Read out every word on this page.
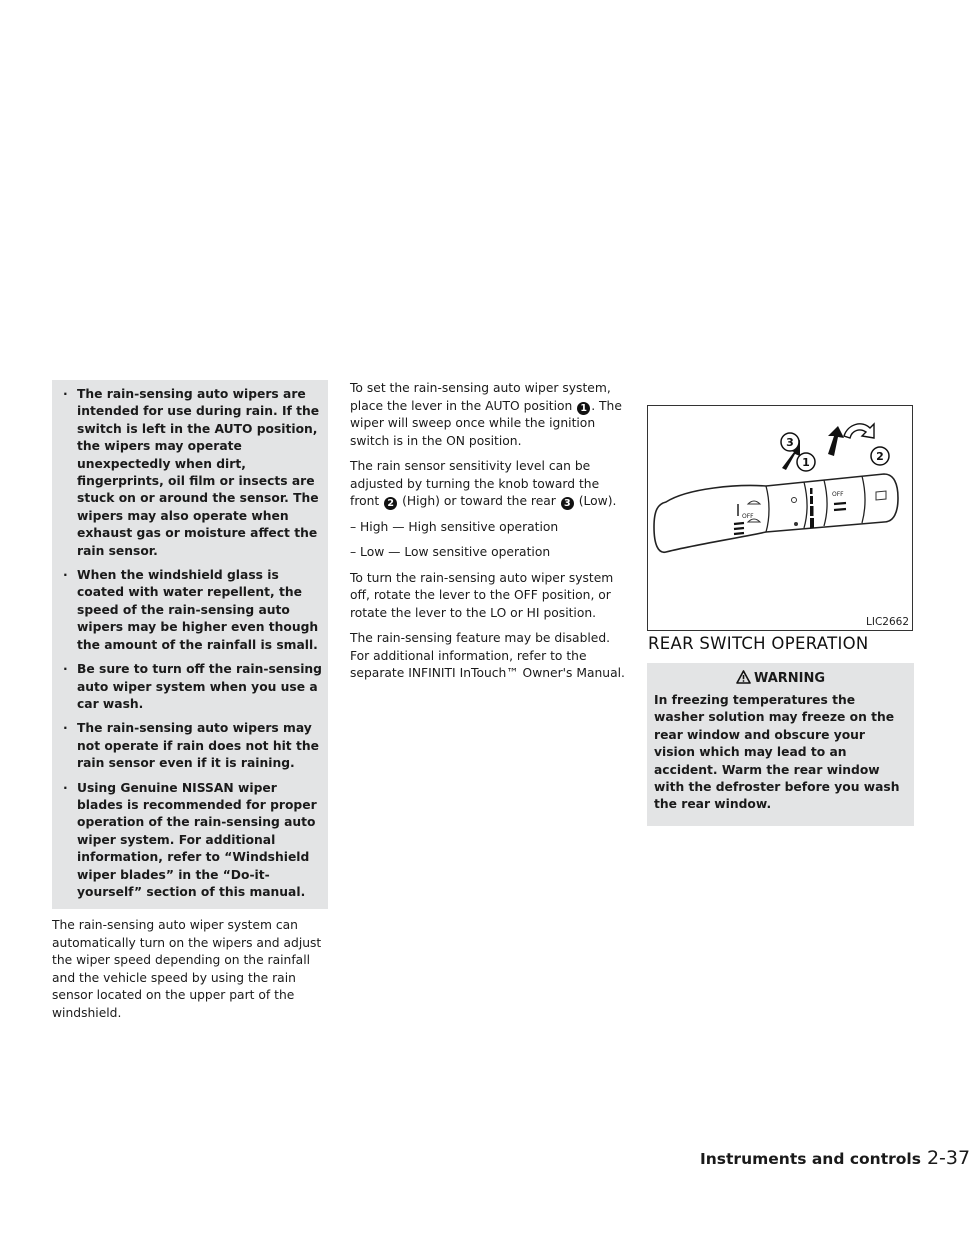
· The rain-sensing auto wipers are intended for use during rain. If the switch is left in the AUTO position, the wipers may operate unexpectedly when dirt, fingerprints, oil film or insects are stuck on or around the sensor. The wipers may also operate when exhaust gas or moisture affect the rain sensor.
· When the windshield glass is coated with water repellent, the speed of the rain-sensing auto wipers may be higher even though the amount of the rainfall is small.
· Be sure to turn off the rain-sensing auto wiper system when you use a car wash.
· The rain-sensing auto wipers may not operate if rain does not hit the rain sensor even if it is raining.
· Using Genuine NISSAN wiper blades is recommended for proper operation of the rain-sensing auto wiper system. For additional information, refer to “Windshield wiper blades” in the “Do-it-yourself” section of this manual.

The rain-sensing auto wiper system can automatically turn on the wipers and adjust the wiper speed depending on the rainfall and the vehicle speed by using the rain sensor located on the upper part of the windshield.

To set the rain-sensing auto wiper system, place the lever in the AUTO position 1 . The wiper will sweep once while the ignition switch is in the ON position.

The rain sensor sensitivity level can be adjusted by turning the knob toward the front 2 (High) or toward the rear 3 (Low).

– High — High sensitive operation

– Low — Low sensitive operation

To turn the rain-sensing auto wiper system off, rotate the lever to the OFF position, or rotate the lever to the LO or HI position.

The rain-sensing feature may be disabled. For additional information, refer to the separate INFINITI InTouch™ Owner's Manual.

OFF
OFF
3
1	2
LIC2662
REAR SWITCH OPERATION
WARNING
In freezing temperatures the washer solution may freeze on the rear window and obscure your vision which may lead to an accident. Warm the rear window with the defroster before you wash the rear window.
Instruments and controls 2-37
